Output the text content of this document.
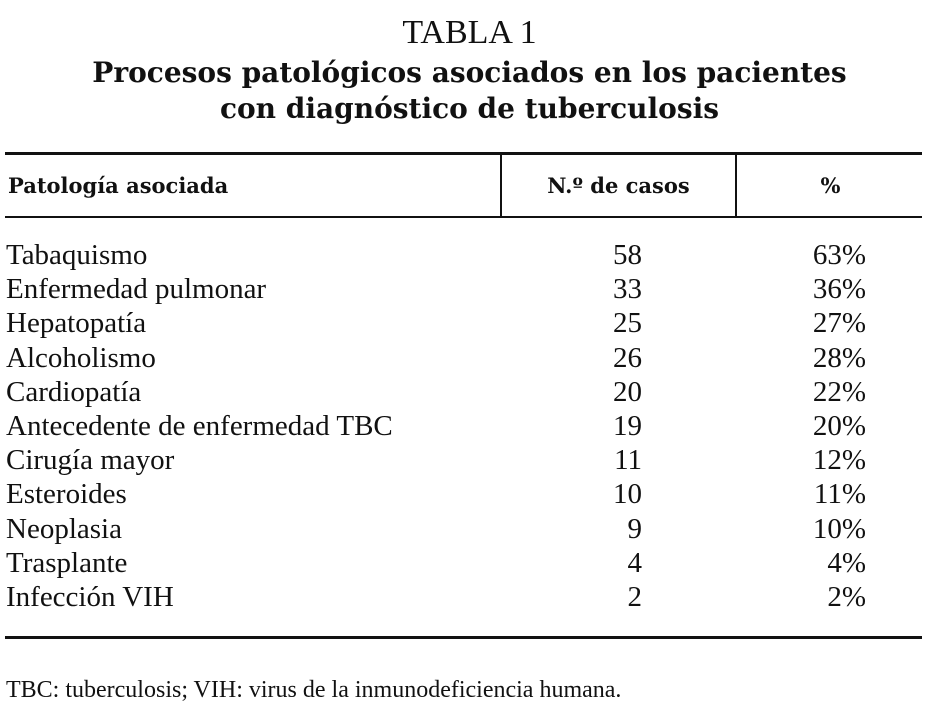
TABLA 1
Procesos patológicos asociados en los pacientes
con diagnóstico de tuberculosis
Patología asociada	N.º de casos	%
Tabaquismo	58	63%
Enfermedad pulmonar	33	36%
Hepatopatía	25	27%
Alcoholismo	26	28%
Cardiopatía	20	22%
Antecedente de enfermedad TBC	19	20%
Cirugía mayor	11	12%
Esteroides	10	11%
Neoplasia	9	10%
Trasplante	4	4%
Infección VIH	2	2%
TBC: tuberculosis; VIH: virus de la inmunodeficiencia humana.
